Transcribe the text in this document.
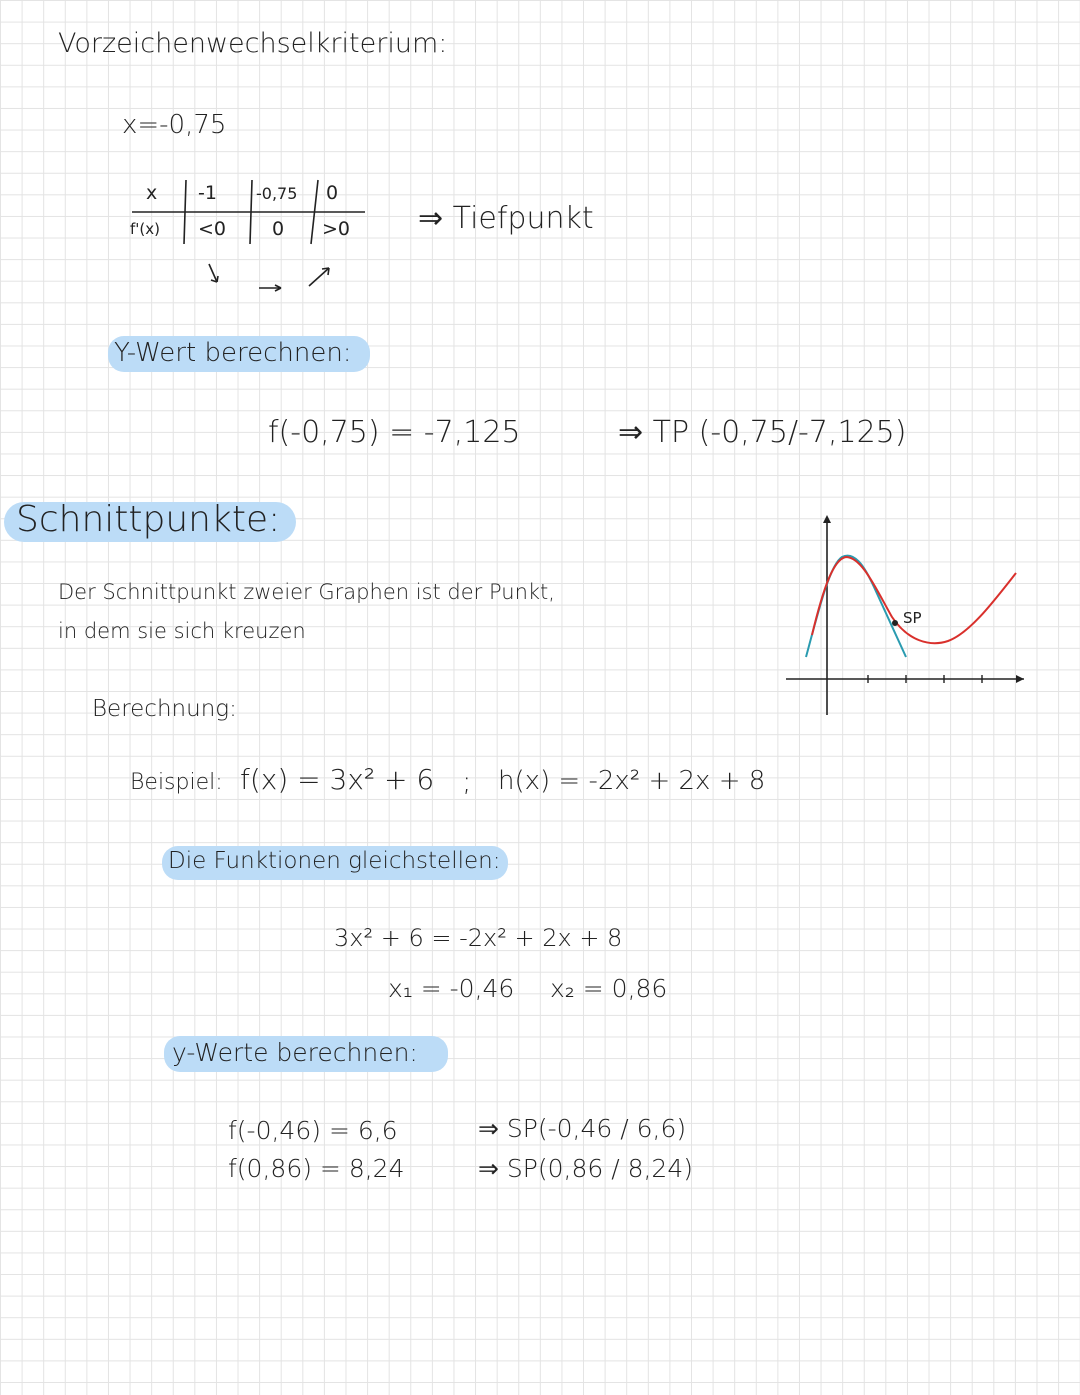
Vorzeichenwechselkriterium:
x=-0,75
x -1 -0,75 0
f'(x) <0 0 >0 ⇒ Tiefpunkt
Y-Wert berechnen:
f(-0,75) = -7,125	⇒ TP (-0,75/-7,125)
Schnittpunkte:
Der Schnittpunkt zweier Graphen ist der Punkt,
in dem sie sich kreuzen
SP
Berechnung:
Beispiel: f(x) = 3x² + 6 ; h(x) = -2x² + 2x + 8
Die Funktionen gleichstellen:
3x² + 6 = -2x² + 2x + 8
x₁ = -0,46 x₂ = 0,86
y-Werte berechnen:
f(-0,46) = 6,6
f(0,86) = 8,24
⇒ SP(-0,46 / 6,6)
⇒ SP(0,86 / 8,24)
